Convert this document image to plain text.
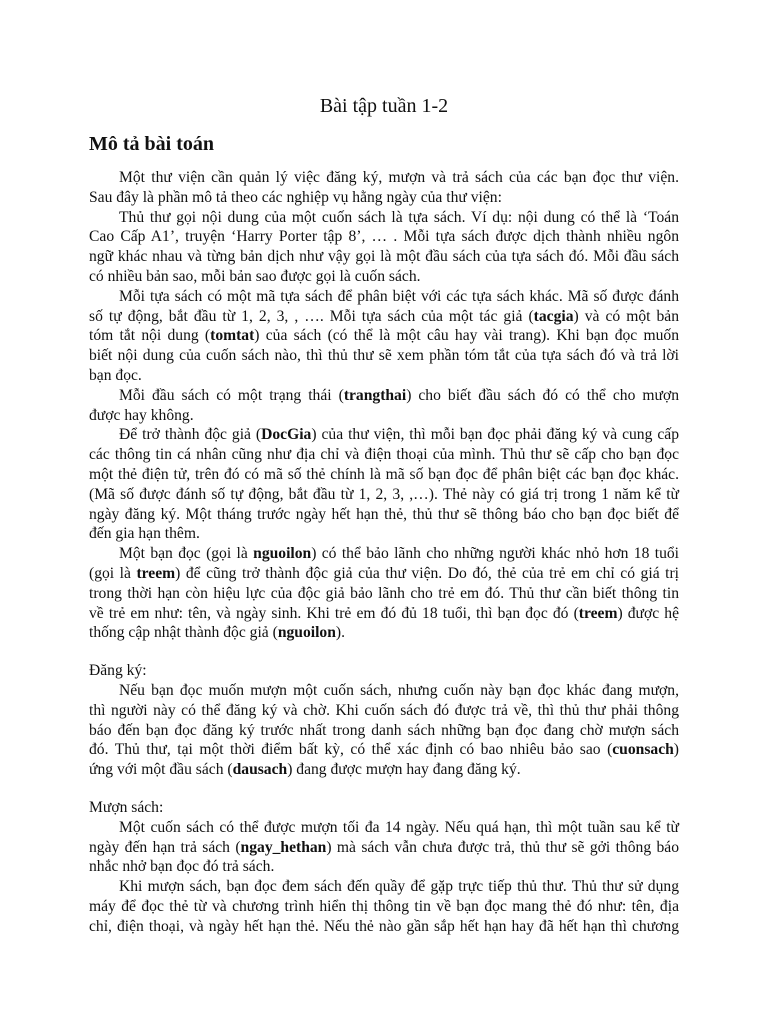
Bài tập tuần 1-2
Mô tả bài toán
Một thư viện cần quản lý việc đăng ký, mượn và trả sách của các bạn đọc thư viện.
Sau đây là phần mô tả theo các nghiệp vụ hằng ngày của thư viện:
Thủ thư gọi nội dung của một cuốn sách là tựa sách. Ví dụ: nội dung có thể là ‘Toán
Cao Cấp A1’, truyện ‘Harry Porter tập 8’, … . Mỗi tựa sách được dịch thành nhiều ngôn
ngữ khác nhau và từng bản dịch như vậy gọi là một đầu sách của tựa sách đó. Mỗi đầu sách
có nhiều bản sao, mỗi bản sao được gọi là cuốn sách.
Mỗi tựa sách có một mã tựa sách để phân biệt với các tựa sách khác. Mã số được đánh
số tự động, bắt đầu từ 1, 2, 3, , …. Mỗi tựa sách của một tác giả (tacgia) và có một bản
tóm tắt nội dung (tomtat) của sách (có thể là một câu hay vài trang). Khi bạn đọc muốn
biết nội dung của cuốn sách nào, thì thủ thư sẽ xem phần tóm tắt của tựa sách đó và trả lời
bạn đọc.
Mỗi đầu sách có một trạng thái (trangthai) cho biết đầu sách đó có thể cho mượn
được hay không.
Để trở thành độc giả (DocGia) của thư viện, thì mỗi bạn đọc phải đăng ký và cung cấp
các thông tin cá nhân cũng như địa chỉ và điện thoại của mình. Thủ thư sẽ cấp cho bạn đọc
một thẻ điện tử, trên đó có mã số thẻ chính là mã số bạn đọc để phân biệt các bạn đọc khác.
(Mã số được đánh số tự động, bắt đầu từ 1, 2, 3, ,…). Thẻ này có giá trị trong 1 năm kể từ
ngày đăng ký. Một tháng trước ngày hết hạn thẻ, thủ thư sẽ thông báo cho bạn đọc biết để
đến gia hạn thêm.
Một bạn đọc (gọi là nguoilon) có thể bảo lãnh cho những người khác nhỏ hơn 18 tuổi
(gọi là treem) để cũng trở thành độc giả của thư viện. Do đó, thẻ của trẻ em chỉ có giá trị
trong thời hạn còn hiệu lực của độc giả bảo lãnh cho trẻ em đó. Thủ thư cần biết thông tin
về trẻ em như: tên, và ngày sinh. Khi trẻ em đó đủ 18 tuổi, thì bạn đọc đó (treem) được hệ
thống cập nhật thành độc giả (nguoilon).
Đăng ký:
Nếu bạn đọc muốn mượn một cuốn sách, nhưng cuốn này bạn đọc khác đang mượn,
thì người này có thể đăng ký và chờ. Khi cuốn sách đó được trả về, thì thủ thư phải thông
báo đến bạn đọc đăng ký trước nhất trong danh sách những bạn đọc đang chờ mượn sách
đó. Thủ thư, tại một thời điểm bất kỳ, có thể xác định có bao nhiêu bảo sao (cuonsach)
ứng với một đầu sách (dausach) đang được mượn hay đang đăng ký.
Mượn sách:
Một cuốn sách có thể được mượn tối đa 14 ngày. Nếu quá hạn, thì một tuần sau kể từ
ngày đến hạn trả sách (ngay_hethan) mà sách vẫn chưa được trả, thủ thư sẽ gởi thông báo
nhắc nhở bạn đọc đó trả sách.
Khi mượn sách, bạn đọc đem sách đến quầy để gặp trực tiếp thủ thư. Thủ thư sử dụng
máy để đọc thẻ từ và chương trình hiển thị thông tin về bạn đọc mang thẻ đó như: tên, địa
chỉ, điện thoại, và ngày hết hạn thẻ. Nếu thẻ nào gần sắp hết hạn hay đã hết hạn thì chương
